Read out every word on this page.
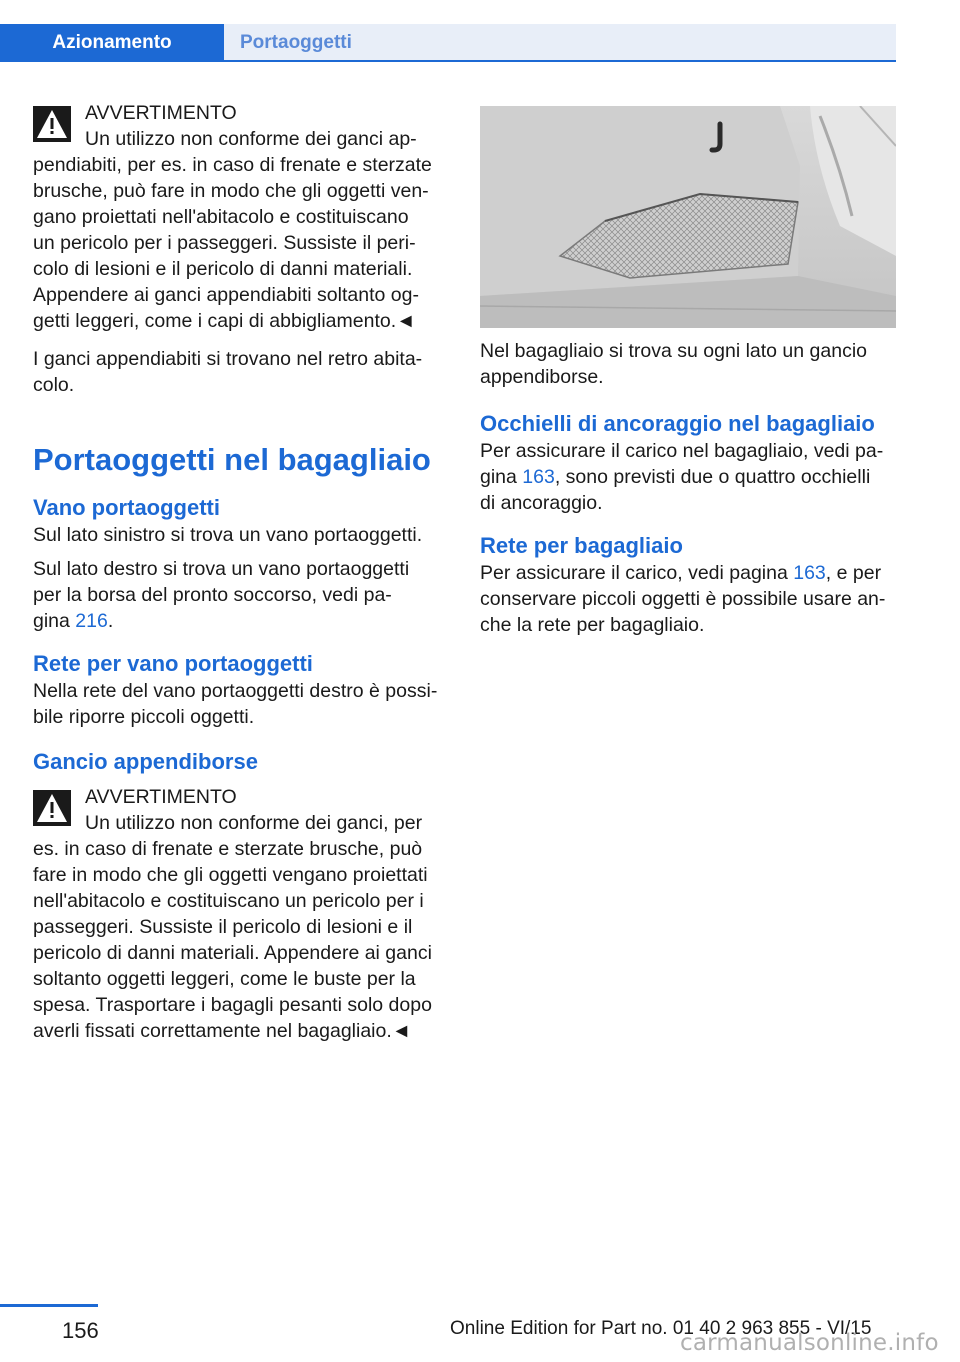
Azionamento	Portaoggetti

AVVERTIMENTO

Un utilizzo non conforme dei ganci ap-
pendiabiti, per es. in caso di frenate e sterzate
brusche, può fare in modo che gli oggetti ven-
gano proiettati nell'abitacolo e costituiscano
un pericolo per i passeggeri. Sussiste il peri-
colo di lesioni e il pericolo di danni materiali.
Appendere ai ganci appendiabiti soltanto og-
getti leggeri, come i capi di abbigliamento.◄

I ganci appendiabiti si trovano nel retro abita-
colo.

Portaoggetti nel bagagliaio
Vano portaoggetti

Sul lato sinistro si trova un vano portaoggetti.

Sul lato destro si trova un vano portaoggetti
per la borsa del pronto soccorso, vedi pa-
gina 216.

Rete per vano portaoggetti

Nella rete del vano portaoggetti destro è possi-
bile riporre piccoli oggetti.

Gancio appendiborse

AVVERTIMENTO

Un utilizzo non conforme dei ganci, per
es. in caso di frenate e sterzate brusche, può
fare in modo che gli oggetti vengano proiettati
nell'abitacolo e costituiscano un pericolo per i
passeggeri. Sussiste il pericolo di lesioni e il
pericolo di danni materiali. Appendere ai ganci
soltanto oggetti leggeri, come le buste per la
spesa. Trasportare i bagagli pesanti solo dopo
averli fissati correttamente nel bagagliaio.◄

Nel bagagliaio si trova su ogni lato un gancio
appendiborse.

Occhielli di ancoraggio nel bagagliaio

Per assicurare il carico nel bagagliaio, vedi pa-
gina 163, sono previsti due o quattro occhielli
di ancoraggio.

Rete per bagagliaio

Per assicurare il carico, vedi pagina 163, e per
conservare piccoli oggetti è possibile usare an-
che la rete per bagagliaio.

156	Online Edition for Part no. 01 40 2 963 855 - VI/15
carmanualsonline.info
